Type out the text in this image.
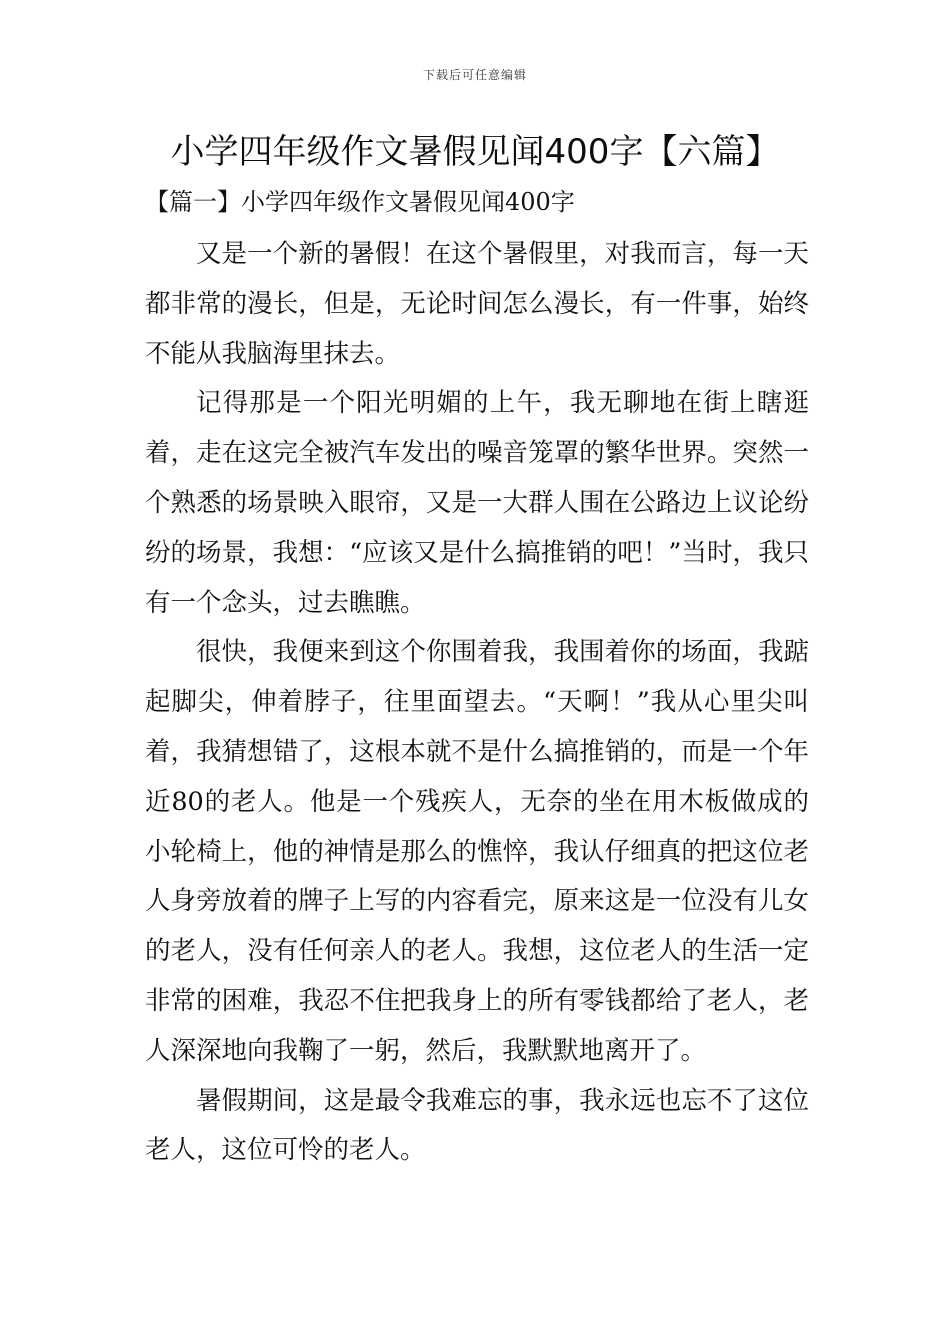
下载后可任意编辑
小学四年级作文暑假见闻400字【六篇】
【篇一】小学四年级作文暑假见闻400字

又是一个新的暑假！在这个暑假里，对我而言，每一天都非常的漫长，但是，无论时间怎么漫长，有一件事，始终不能从我脑海里抹去。

记得那是一个阳光明媚的上午，我无聊地在街上瞎逛着，走在这完全被汽车发出的噪音笼罩的繁华世界。突然一个熟悉的场景映入眼帘，又是一大群人围在公路边上议论纷纷的场景，我想：“应该又是什么搞推销的吧！”当时，我只有一个念头，过去瞧瞧。

很快，我便来到这个你围着我，我围着你的场面，我踮起脚尖，伸着脖子，往里面望去。“天啊！”我从心里尖叫着，我猜想错了，这根本就不是什么搞推销的，而是一个年近80的老人。他是一个残疾人，无奈的坐在用木板做成的小轮椅上，他的神情是那么的憔悴，我认仔细真的把这位老人身旁放着的牌子上写的内容看完，原来这是一位没有儿女的老人，没有任何亲人的老人。我想，这位老人的生活一定非常的困难，我忍不住把我身上的所有零钱都给了老人，老人深深地向我鞠了一躬，然后，我默默地离开了。

暑假期间，这是最令我难忘的事，我永远也忘不了这位老人，这位可怜的老人。
